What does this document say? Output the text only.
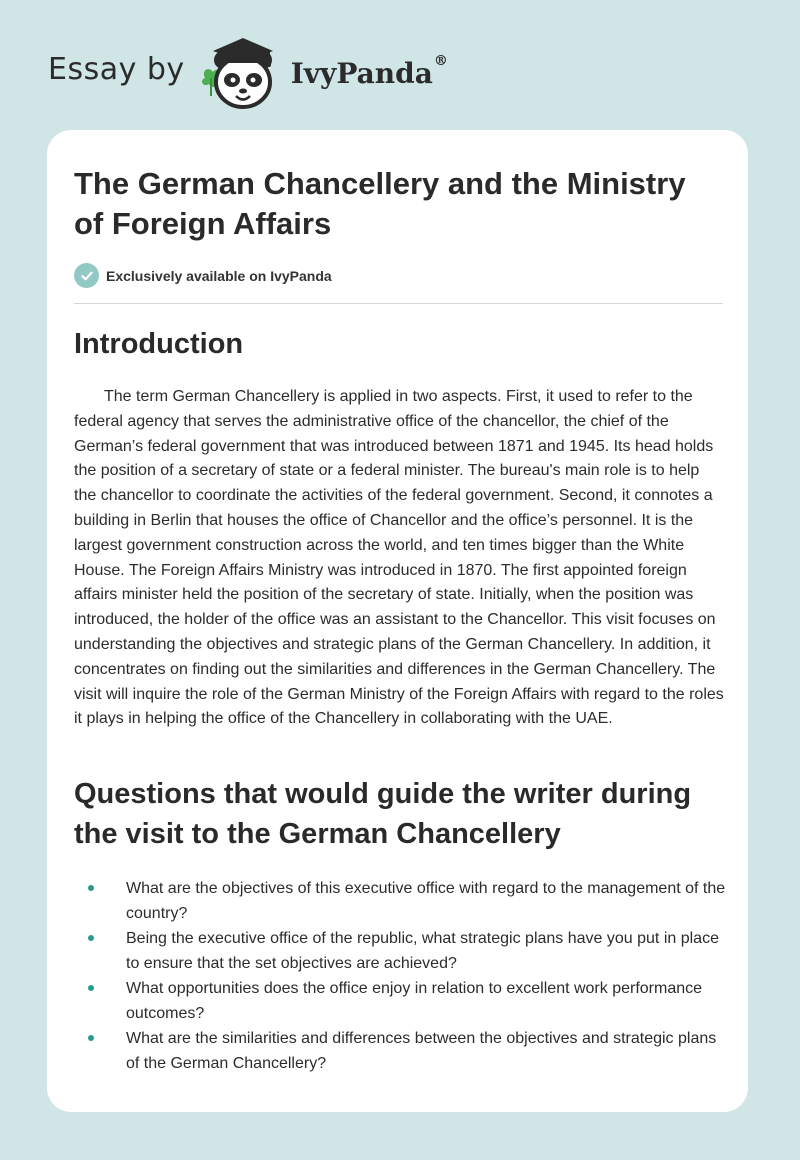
Essay by	IvyPanda®
The German Chancellery and the Ministry of Foreign Affairs
Exclusively available on IvyPanda
Introduction

The term German Chancellery is applied in two aspects. First, it used to refer to the federal agency that serves the administrative office of the chancellor, the chief of the German’s federal government that was introduced between 1871 and 1945. Its head holds the position of a secretary of state or a federal minister. The bureau's main role is to help the chancellor to coordinate the activities of the federal government. Second, it connotes a building in Berlin that houses the office of Chancellor and the office’s personnel. It is the largest government construction across the world, and ten times bigger than the White House. The Foreign Affairs Ministry was introduced in 1870. The first appointed foreign affairs minister held the position of the secretary of state. Initially, when the position was introduced, the holder of the office was an assistant to the Chancellor. This visit focuses on understanding the objectives and strategic plans of the German Chancellery. In addition, it concentrates on finding out the similarities and differences in the German Chancellery. The visit will inquire the role of the German Ministry of the Foreign Affairs with regard to the roles it plays in helping the office of the Chancellery in collaborating with the UAE.

Questions that would guide the writer during the visit to the German Chancellery
What are the objectives of this executive office with regard to the management of the country?
Being the executive office of the republic, what strategic plans have you put in place to ensure that the set objectives are achieved?
What opportunities does the office enjoy in relation to excellent work performance outcomes?
What are the similarities and differences between the objectives and strategic plans of the German Chancellery?
